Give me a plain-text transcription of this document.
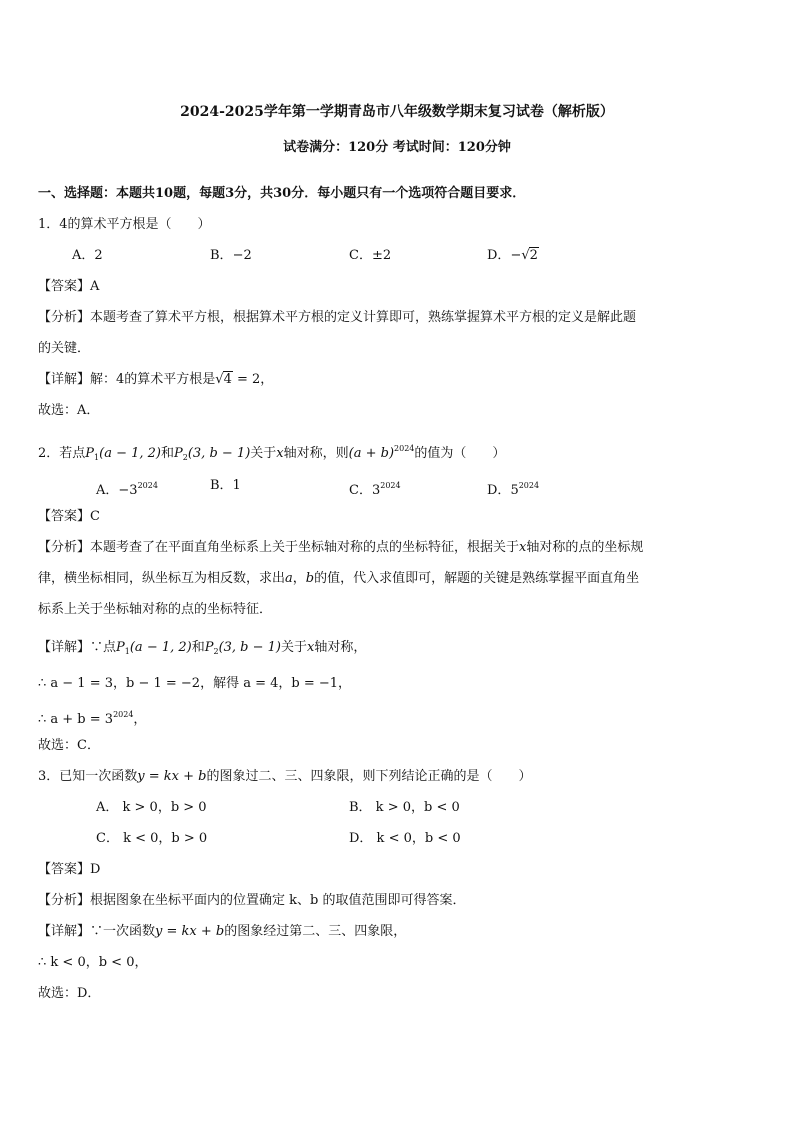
2024-2025学年第一学期青岛市八年级数学期末复习试卷（解析版）
试卷满分：120分 考试时间：120分钟
一、选择题：本题共10题，每题3分，共30分．每小题只有一个选项符合题目要求．
1．4的算术平方根是（　　）
A．2	B．−2	C．±2	D．−√2
【答案】A
【分析】本题考查了算术平方根，根据算术平方根的定义计算即可，熟练掌握算术平方根的定义是解此题
的关键．
【详解】解：4的算术平方根是√4 = 2，
故选：A．
2．若点$P_1(a - 1$, 2)和$P_2(3$, b − 1)关于x轴对称，则$(a + b)^{2024}$的值为（　　）
A．$-3^{2024}$	B．1	C．$3^{2024}$	D．$5^{2024}$
【答案】C
【分析】本题考查了在平面直角坐标系上关于坐标轴对称的点的坐标特征，根据关于x轴对称的点的坐标规
律，横坐标相同，纵坐标互为相反数，求出a，b的值，代入求值即可，解题的关键是熟练掌握平面直角坐
标系上关于坐标轴对称的点的坐标特征．
【详解】∵点$P_1(a - 1$, 2)和$P_2(3$, b − 1)关于x轴对称，
∴ a − 1 = 3，b − 1 = −2，解得 a = 4，b = −1，
∴ $a + b = 3^{2024}$，
故选：C．
3．已知一次函数y = kx + b的图象过二、三、四象限，则下列结论正确的是（　　）
A． k > 0，b > 0	B． k > 0，b < 0
C． k < 0，b > 0	D． k < 0，b < 0
【答案】D
【分析】根据图象在坐标平面内的位置确定 k、b 的取值范围即可得答案．
【详解】∵一次函数y = kx + b的图象经过第二、三、四象限，
∴ k < 0，b < 0，
故选：D．
